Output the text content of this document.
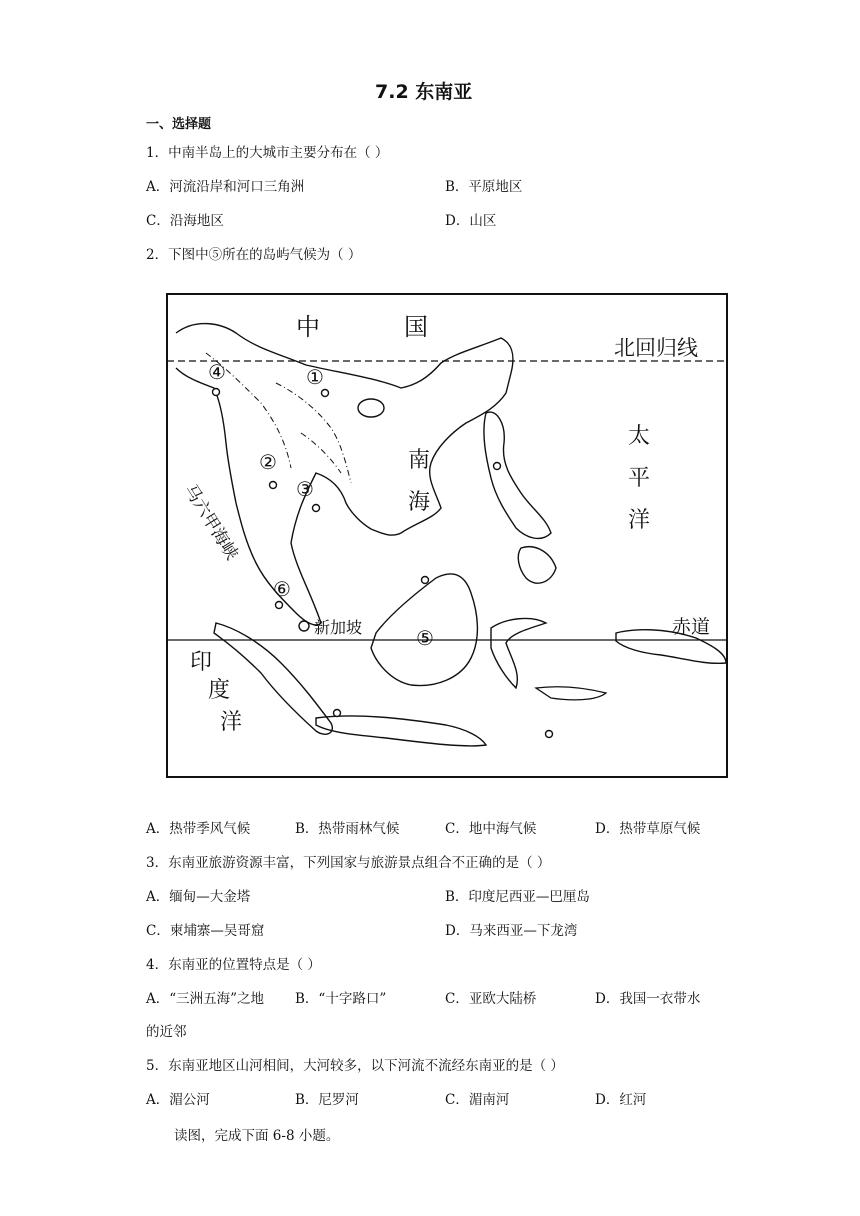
7.2 东南亚
一、选择题
1．中南半岛上的大城市主要分布在（ ）
A．河流沿岸和河口三角洲	B．平原地区
C．沿海地区	D．山区
2．下图中⑤所在的岛屿气候为（ ）
①
②
③
④
⑤
⑥
中	国
北回归线
太
平
洋
南
海
新加坡	赤道
印
度
洋
马六甲海峡
A．热带季风气候	B．热带雨林气候	C．地中海气候	D．热带草原气候
3．东南亚旅游资源丰富，下列国家与旅游景点组合不正确的是（ ）
A．缅甸—大金塔	B．印度尼西亚—巴厘岛
C．柬埔寨—吴哥窟	D．马来西亚—下龙湾
4．东南亚的位置特点是（ ）
A．“三洲五海”之地 B．“十字路口”	C．亚欧大陆桥	D．我国一衣带水
的近邻
5．东南亚地区山河相间，大河较多，以下河流不流经东南亚的是（ ）
A．湄公河	B．尼罗河	C．湄南河	D．红河
读图，完成下面 6-8 小题。
